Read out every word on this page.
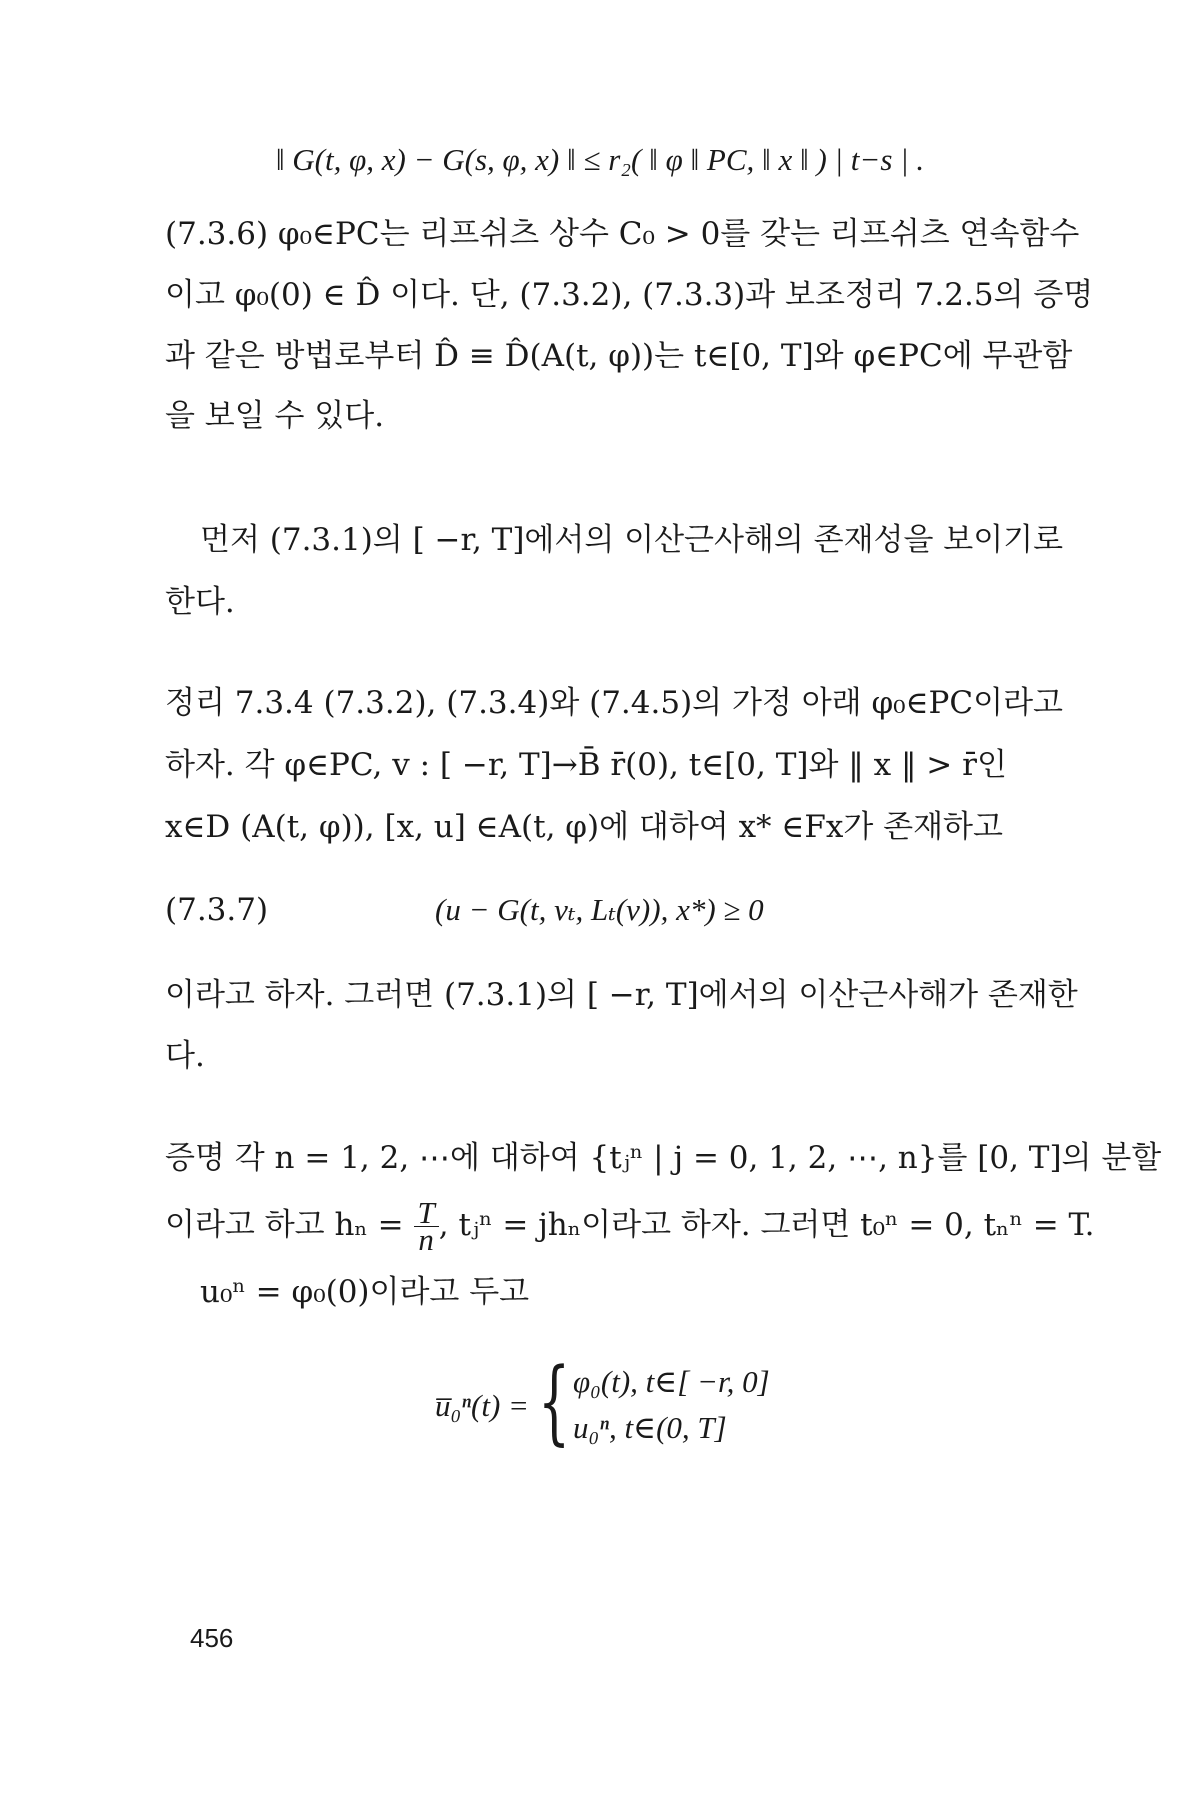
‖ G(t, φ, x) − G(s, φ, x) ‖ ≤ r₂( ‖ φ ‖ PC, ‖ x ‖ ) | t−s | .
(7.3.6) φ₀∈PC는 리프쉬츠 상수 C₀ > 0를 갖는 리프쉬츠 연속함수
이고 φ₀(0) ∈ D̂ 이다. 단, (7.3.2), (7.3.3)과 보조정리 7.2.5의 증명
과 같은 방법로부터 D̂ ≡ D̂(A(t, φ))는 t∈[0, T]와 φ∈PC에 무관함
을 보일 수 있다.
먼저 (7.3.1)의 [ −r, T]에서의 이산근사해의 존재성을 보이기로
한다.
정리 7.3.4 (7.3.2), (7.3.4)와 (7.4.5)의 가정 아래 φ₀∈PC이라고
하자. 각 φ∈PC, v : [ −r, T]→B̄ r̄(0), t∈[0, T]와 ‖ x ‖ > r̄인
x∈D (A(t, φ)), [x, u] ∈A(t, φ)에 대하여 x* ∈Fx가 존재하고
(7.3.7)	(u − G(t, vₜ, Lₜ(v)), x*) ≥ 0
이라고 하자. 그러면 (7.3.1)의 [ −r, T]에서의 이산근사해가 존재한
다.
증명 각 n = 1, 2, ⋯에 대하여 {tⱼⁿ | j = 0, 1, 2, ⋯, n}를 [0, T]의 분할
이라고 하고 $h_n = \frac{T}{n}$ , tⱼⁿ = jhₙ이라고 하자. 그러면 t₀ⁿ = 0, tₙⁿ = T.
u₀ⁿ = φ₀(0)이라고 두고
u̅₀ⁿ(t) = { φ₀(t), t∈[ −r, 0]
u₀ⁿ, t∈(0, T]
456
